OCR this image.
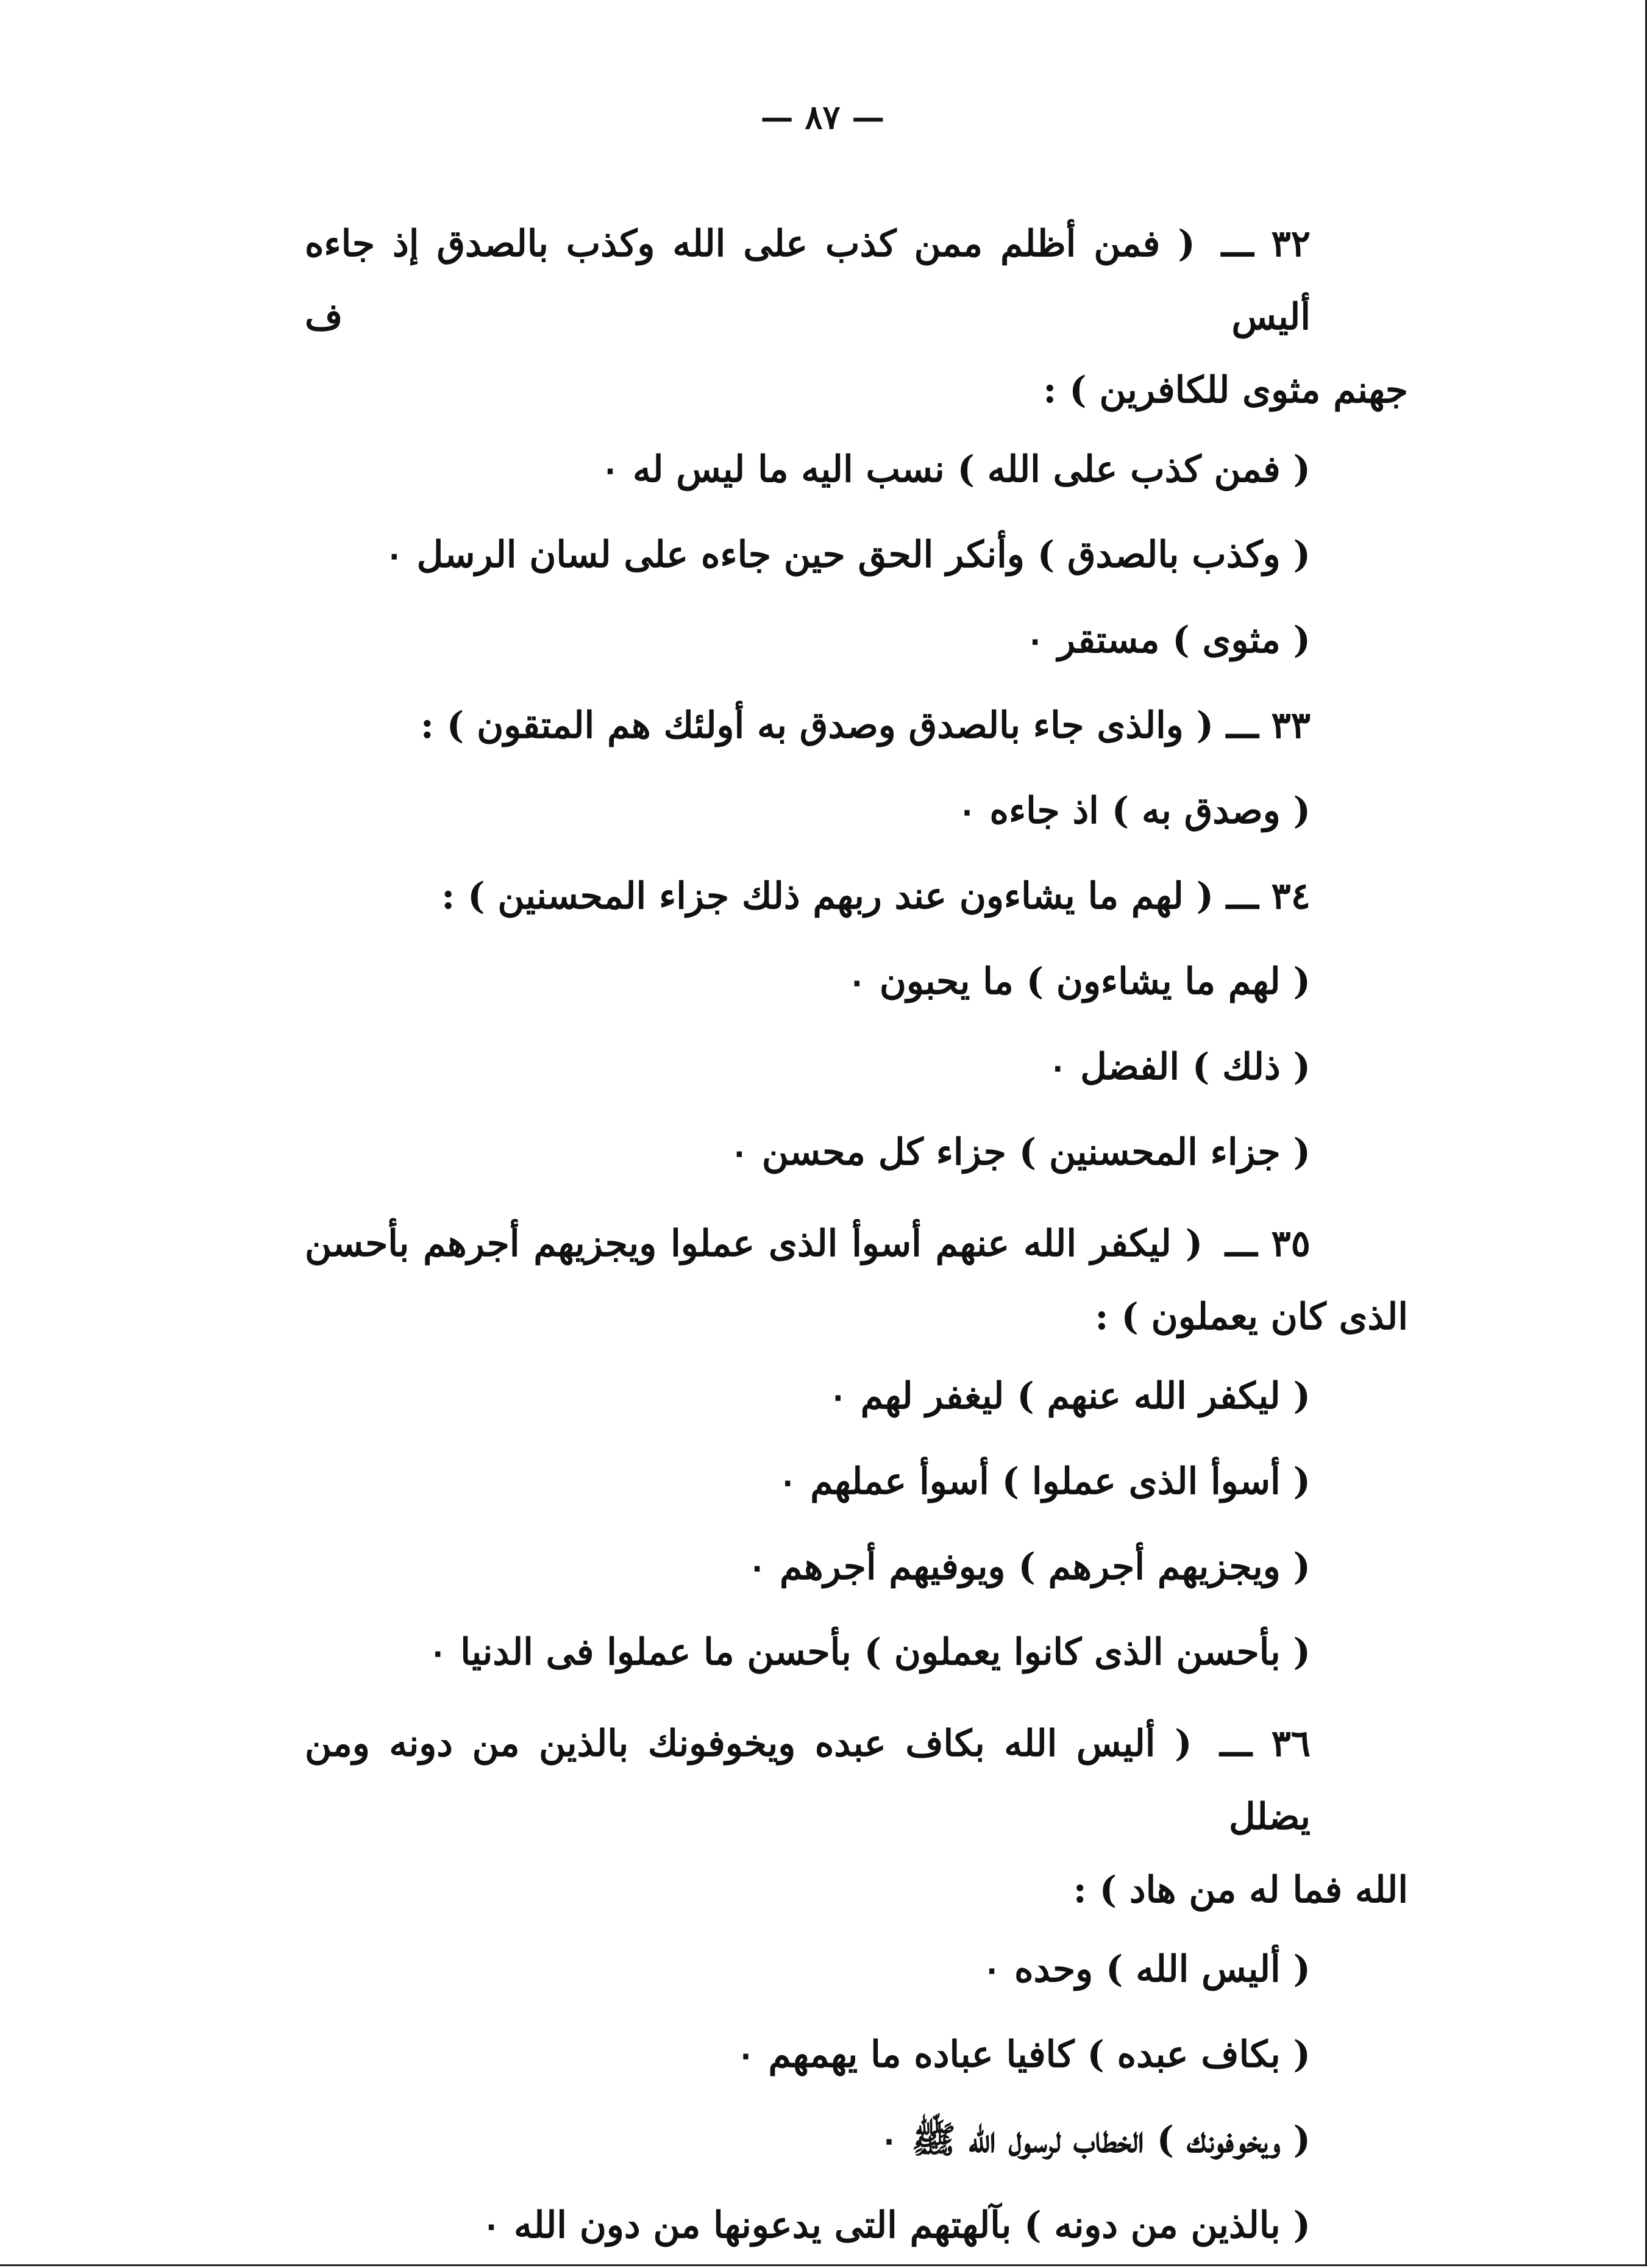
— ٨٧ —
٣٢ ـــ ( فمن أظلم ممن كذب على الله وكذب بالصدق إذ جاءه أليس ف
جهنم مثوى للكافرين ) :
( فمن كذب على الله ) نسب اليه ما ليس له ٠
( وكذب بالصدق ) وأنكر الحق حين جاءه على لسان الرسل ٠
( مثوى ) مستقر ٠
٣٣ ـــ ( والذى جاء بالصدق وصدق به أولئك هم المتقون ) :
( وصدق به ) اذ جاءه ٠
٣٤ ـــ ( لهم ما يشاءون عند ربهم ذلك جزاء المحسنين ) :
( لهم ما يشاءون ) ما يحبون ٠
( ذلك ) الفضل ٠
( جزاء المحسنين ) جزاء كل محسن ٠
٣٥ ـــ ( ليكفر الله عنهم أسوأ الذى عملوا ويجزيهم أجرهم بأحسن
الذى كان يعملون ) :
( ليكفر الله عنهم ) ليغفر لهم ٠
( أسوأ الذى عملوا ) أسوأ عملهم ٠
( ويجزيهم أجرهم ) ويوفيهم أجرهم ٠
( بأحسن الذى كانوا يعملون ) بأحسن ما عملوا فى الدنيا ٠
٣٦ ـــ ( أليس الله بكاف عبده ويخوفونك بالذين من دونه ومن يضلل
الله فما له من هاد ) :
( أليس الله ) وحده ٠
( بكاف عبده ) كافيا عباده ما يهمهم ٠
( ويخوفونك ) الخطاب لرسول الله ﷺ ٠
( بالذين من دونه ) بآلهتهم التى يدعونها من دون الله ٠
